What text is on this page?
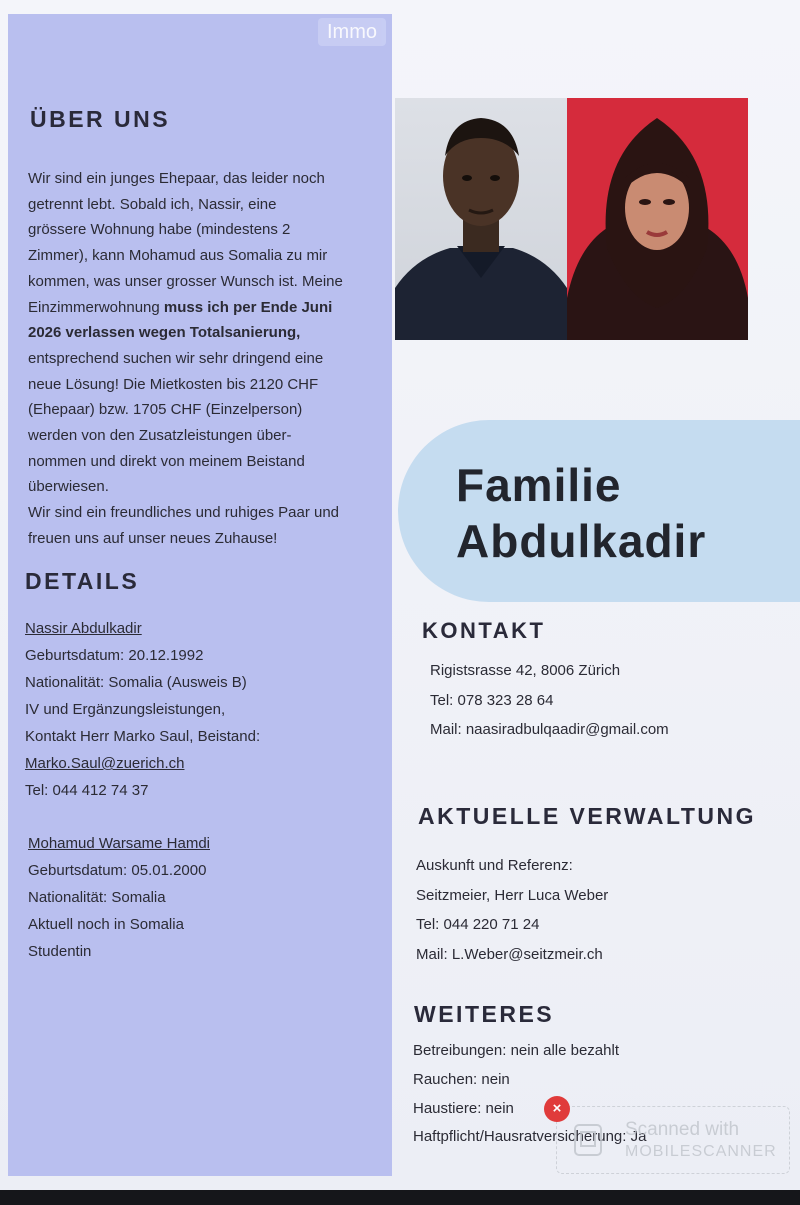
Immo
ÜBER UNS
Wir sind ein junges Ehepaar, das leider noch
getrennt lebt. Sobald ich, Nassir, eine
grössere Wohnung habe (mindestens 2
Zimmer), kann Mohamud aus Somalia zu mir
kommen, was unser grosser Wunsch ist. Meine
Einzimmerwohnung muss ich per Ende Juni
2026 verlassen wegen Totalsanierung,
entsprechend suchen wir sehr dringend eine
neue Lösung! Die Mietkosten bis 2120 CHF
(Ehepaar) bzw. 1705 CHF (Einzelperson)
werden von den Zusatzleistungen über-
nommen und direkt von meinem Beistand
überwiesen.
Wir sind ein freundliches und ruhiges Paar und
freuen uns auf unser neues Zuhause!
DETAILS
Nassir Abdulkadir
Geburtsdatum: 20.12.1992
Nationalität: Somalia (Ausweis B)
IV und Ergänzungsleistungen,
Kontakt Herr Marko Saul, Beistand:
Marko.Saul@zuerich.ch
Tel: 044 412 74 37
Mohamud Warsame Hamdi
Geburtsdatum: 05.01.2000
Nationalität: Somalia
Aktuell noch in Somalia
Studentin
Familie
Abdulkadir
KONTAKT
Rigistsrasse 42, 8006 Zürich
Tel: 078 323 28 64
Mail: naasiradbulqaadir@gmail.com
AKTUELLE VERWALTUNG
Auskunft und Referenz:
Seitzmeier, Herr Luca Weber
Tel: 044 220 71 24
Mail: L.Weber@seitzmeir.ch
WEITERES
Betreibungen: nein alle bezahlt
Rauchen: nein
Haustiere: nein
Haftpflicht/Hausratversicherung: Ja
Scanned with
MOBILESCANNER
×
